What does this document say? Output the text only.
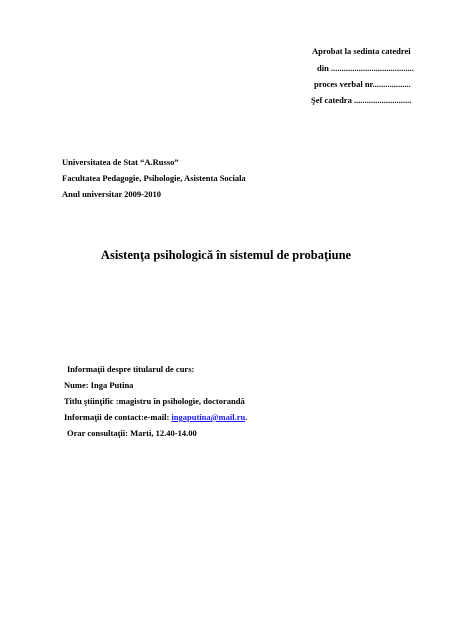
Aprobat la sedinta catedrei
din .......................................
proces verbal nr..................
Şef catedra ...........................
Universitatea de Stat “A.Russo”
Facultatea Pedagogie, Psihologie, Asistenta Sociala
Anul universitar 2009-2010
Asistenţa psihologică în sistemul de probaţiune
Informaţii despre titularul de curs:
Nume: Inga Putina
Titlu ştiinţific :magistru în psihologie, doctorandă
Informaţii de contact:e-mail: ingaputina@mail.ru.
Orar consultaţii: Marti, 12.40-14.00
